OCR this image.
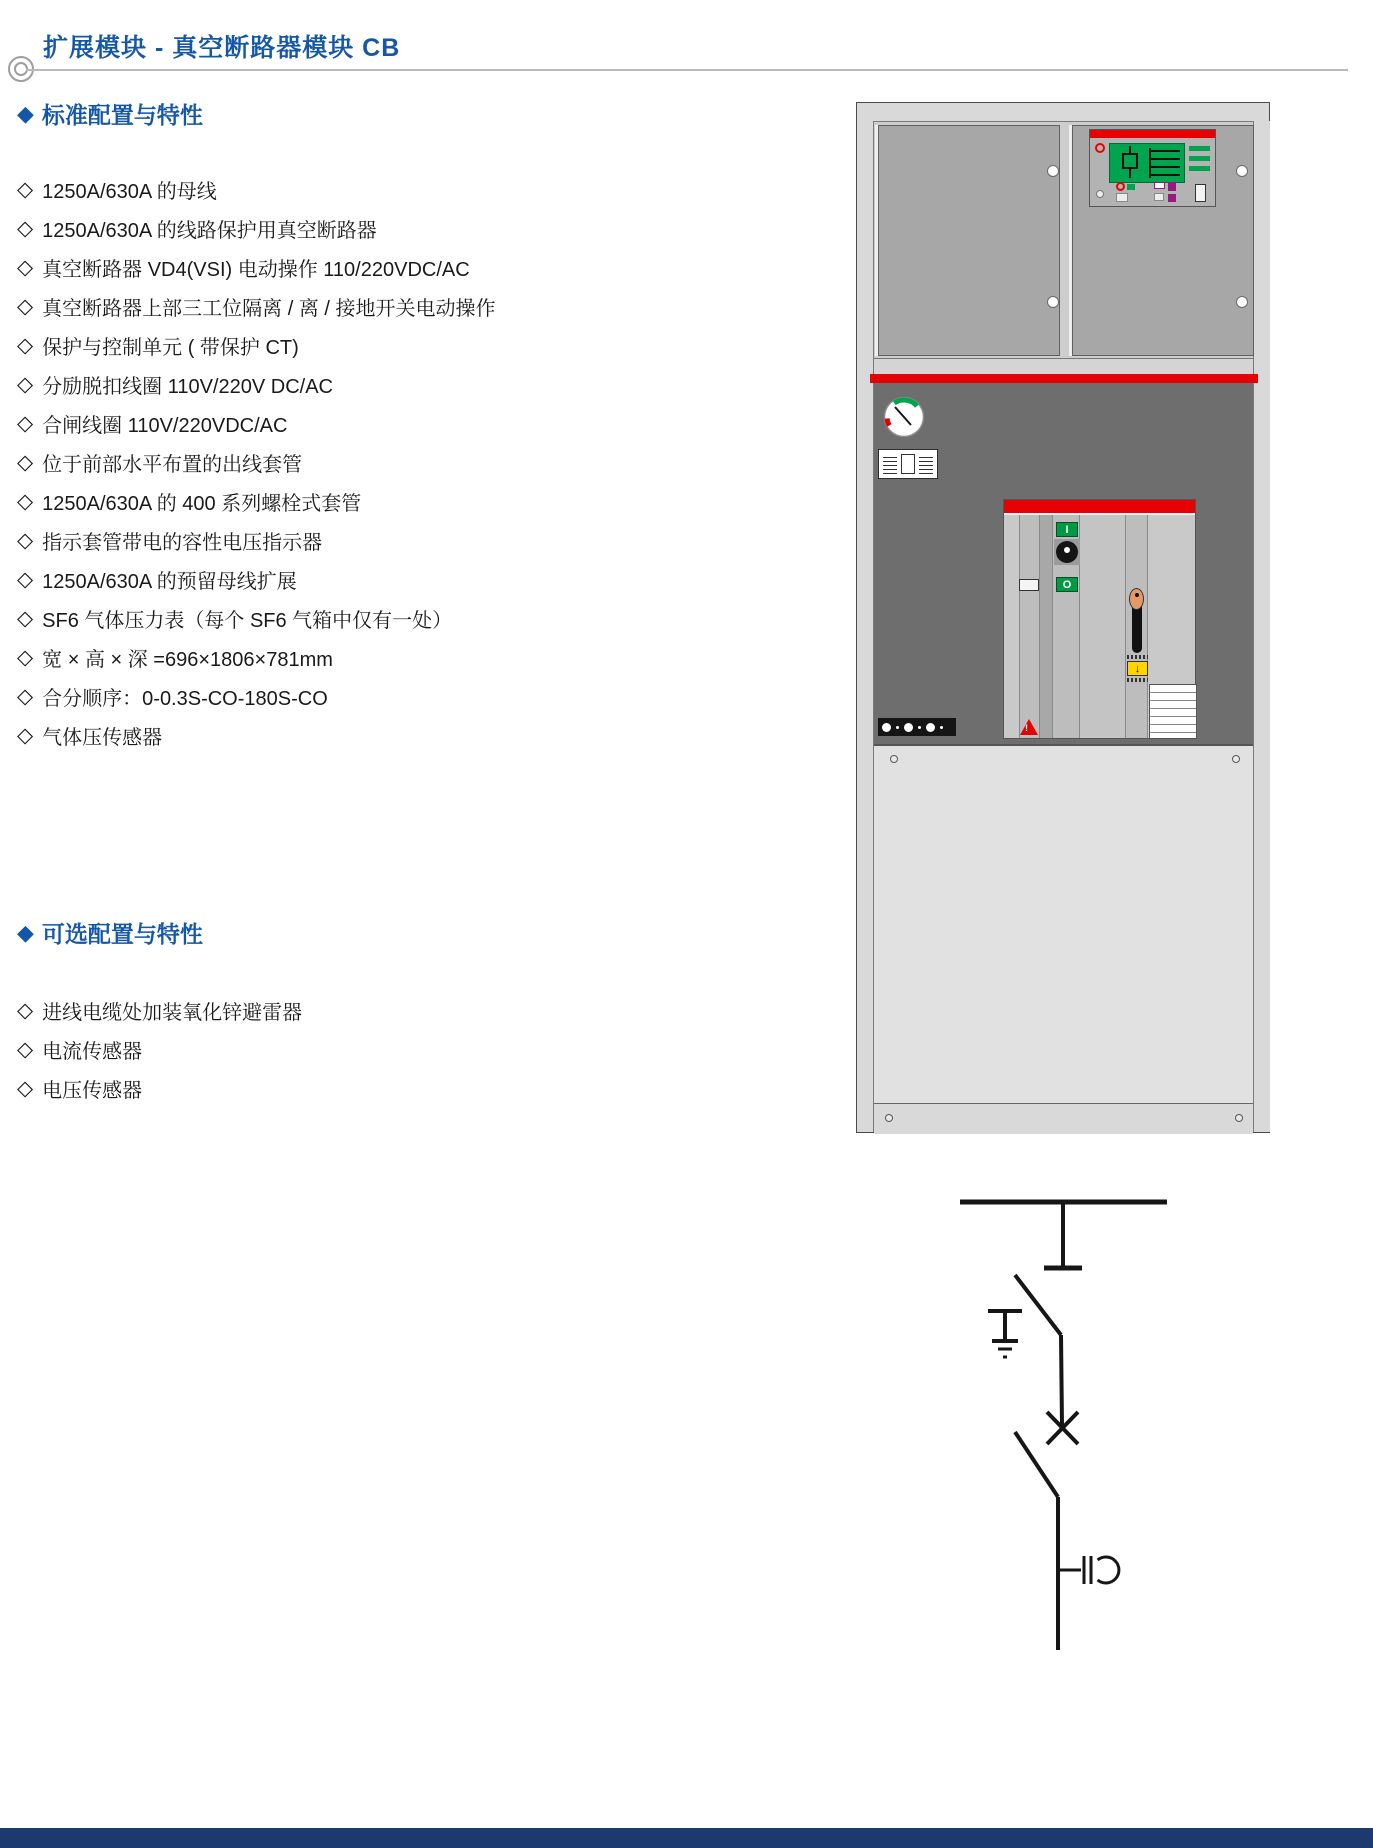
扩展模块 - 真空断路器模块 CB
◆ 标准配置与特性
◇ 1250A/630A 的母线
◇ 1250A/630A 的线路保护用真空断路器
◇ 真空断路器 VD4(VSI) 电动操作 110/220VDC/AC
◇ 真空断路器上部三工位隔离 / 离 / 接地开关电动操作
◇ 保护与控制单元 ( 带保护 CT)
◇ 分励脱扣线圈 110V/220V DC/AC
◇ 合闸线圈 110V/220VDC/AC
◇ 位于前部水平布置的出线套管
◇ 1250A/630A 的 400 系列螺栓式套管
◇ 指示套管带电的容性电压指示器
◇ 1250A/630A 的预留母线扩展
◇ SF6 气体压力表（每个 SF6 气箱中仅有一处）
◇ 宽 × 高 × 深 =696×1806×781mm
◇ 合分顺序：0-0.3S-CO-180S-CO
◇ 气体压传感器
◆ 可选配置与特性
◇ 进线电缆处加装氧化锌避雷器
◇ 电流传感器
◇ 电压传感器
I
O
↓
!
